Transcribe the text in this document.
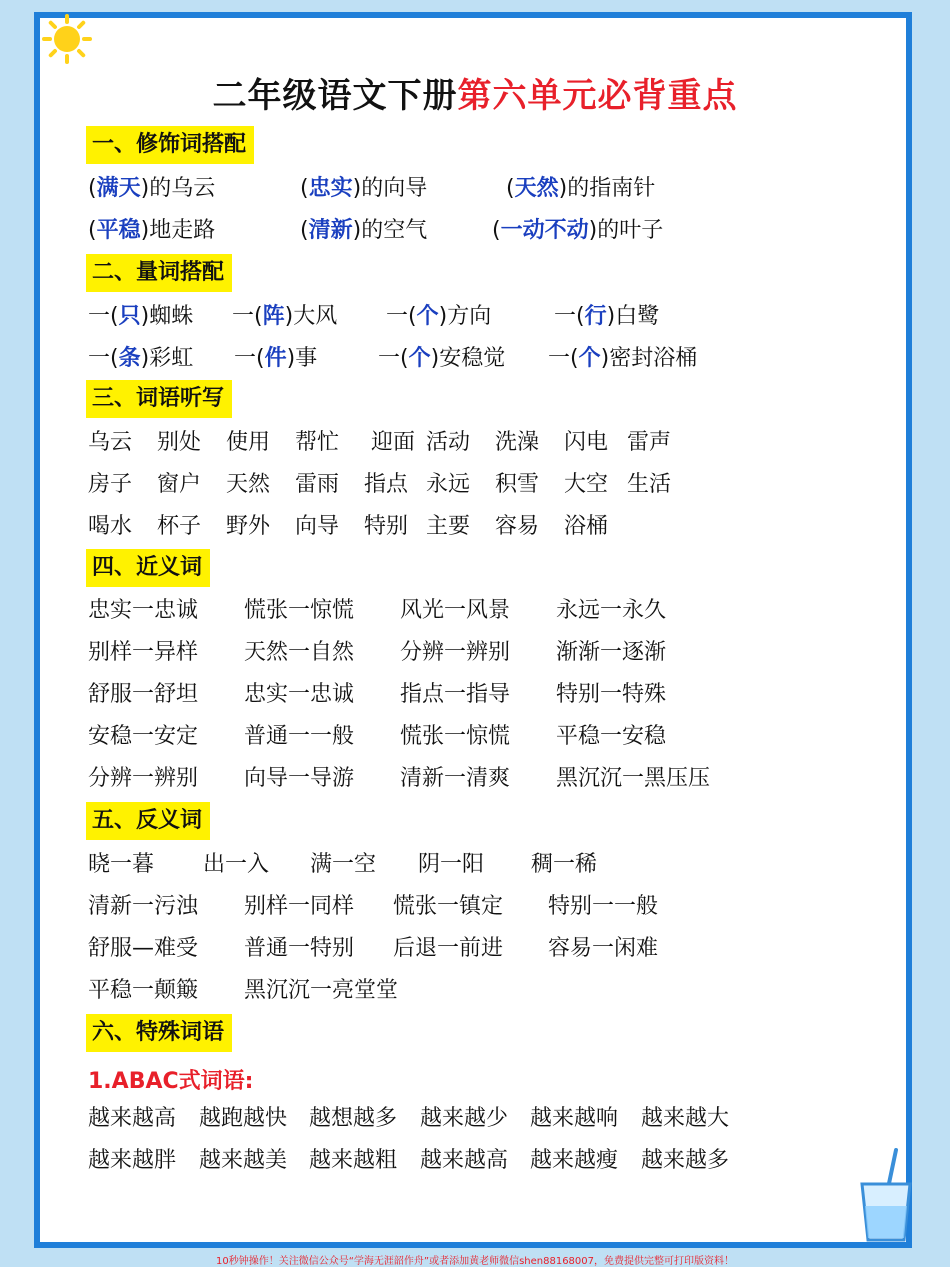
二年级语文下册第六单元必背重点
一、修饰词搭配
(满天)的乌云	(忠实)的向导	(天然)的指南针
(平稳)地走路	(清新)的空气	(一动不动)的叶子
二、量词搭配
一(只)蜘蛛 一(阵)大风 一(个)方向	一(行)白鹭
一(条)彩虹 一(件)事	一(个)安稳觉 一(个)密封浴桶
三、词语听写
乌云 别处 使用 帮忙 迎面 活动 洗澡 闪电 雷声
房子 窗户 天然 雷雨 指点 永远 积雪 大空 生活
喝水 杯子 野外 向导 特别 主要 容易 浴桶
四、近义词
忠实一忠诚 慌张一惊慌 风光一风景 永远一永久
别样一异样 天然一自然 分辨一辨别 渐渐一逐渐
舒服一舒坦 忠实一忠诚 指点一指导 特别一特殊
安稳一安定 普通一一般 慌张一惊慌 平稳一安稳
分辨一辨别 向导一导游 清新一清爽 黑沉沉一黑压压
五、反义词
晓一暮 出一入 满一空 阴一阳 稠一稀
清新一污浊 别样一同样 慌张一镇定 特别一一般
舒服—难受 普通一特别 后退一前进 容易一闲难
平稳一颠簸 黑沉沉一亮堂堂
六、特殊词语
1.ABAC式词语:
越来越高 越跑越快 越想越多 越来越少 越来越响 越来越大
越来越胖 越来越美 越来越粗 越来越高 越来越瘦 越来越多
10秒钟操作！关注微信公众号“学海无涯韶作舟”或者添加黄老师微信shen88168007，免费提供完整可打印版资料！
